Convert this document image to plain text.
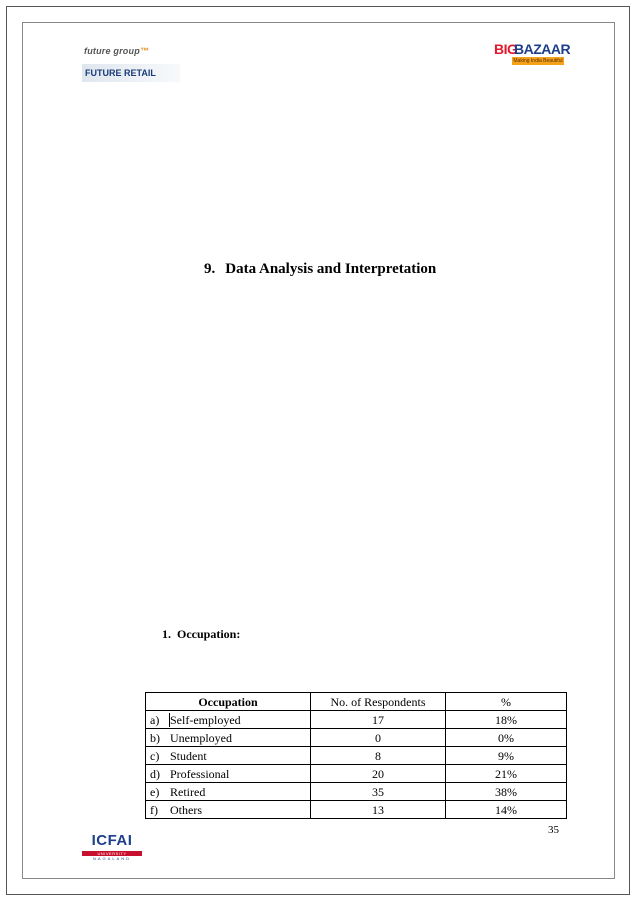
future group™
FUTURE RETAIL
BIG
BAZAAR
Making India Beautiful
9. Data Analysis and Interpretation
1. Occupation:
Occupation	No. of Respondents	%
a) Self-employed	17	18%
b) Unemployed	0	0%
c) Student	8	9%
d) Professional	20	21%
e) Retired	35	38%
f) Others	13	14%
35
ICFAI
UNIVERSITY
NAGALAND
